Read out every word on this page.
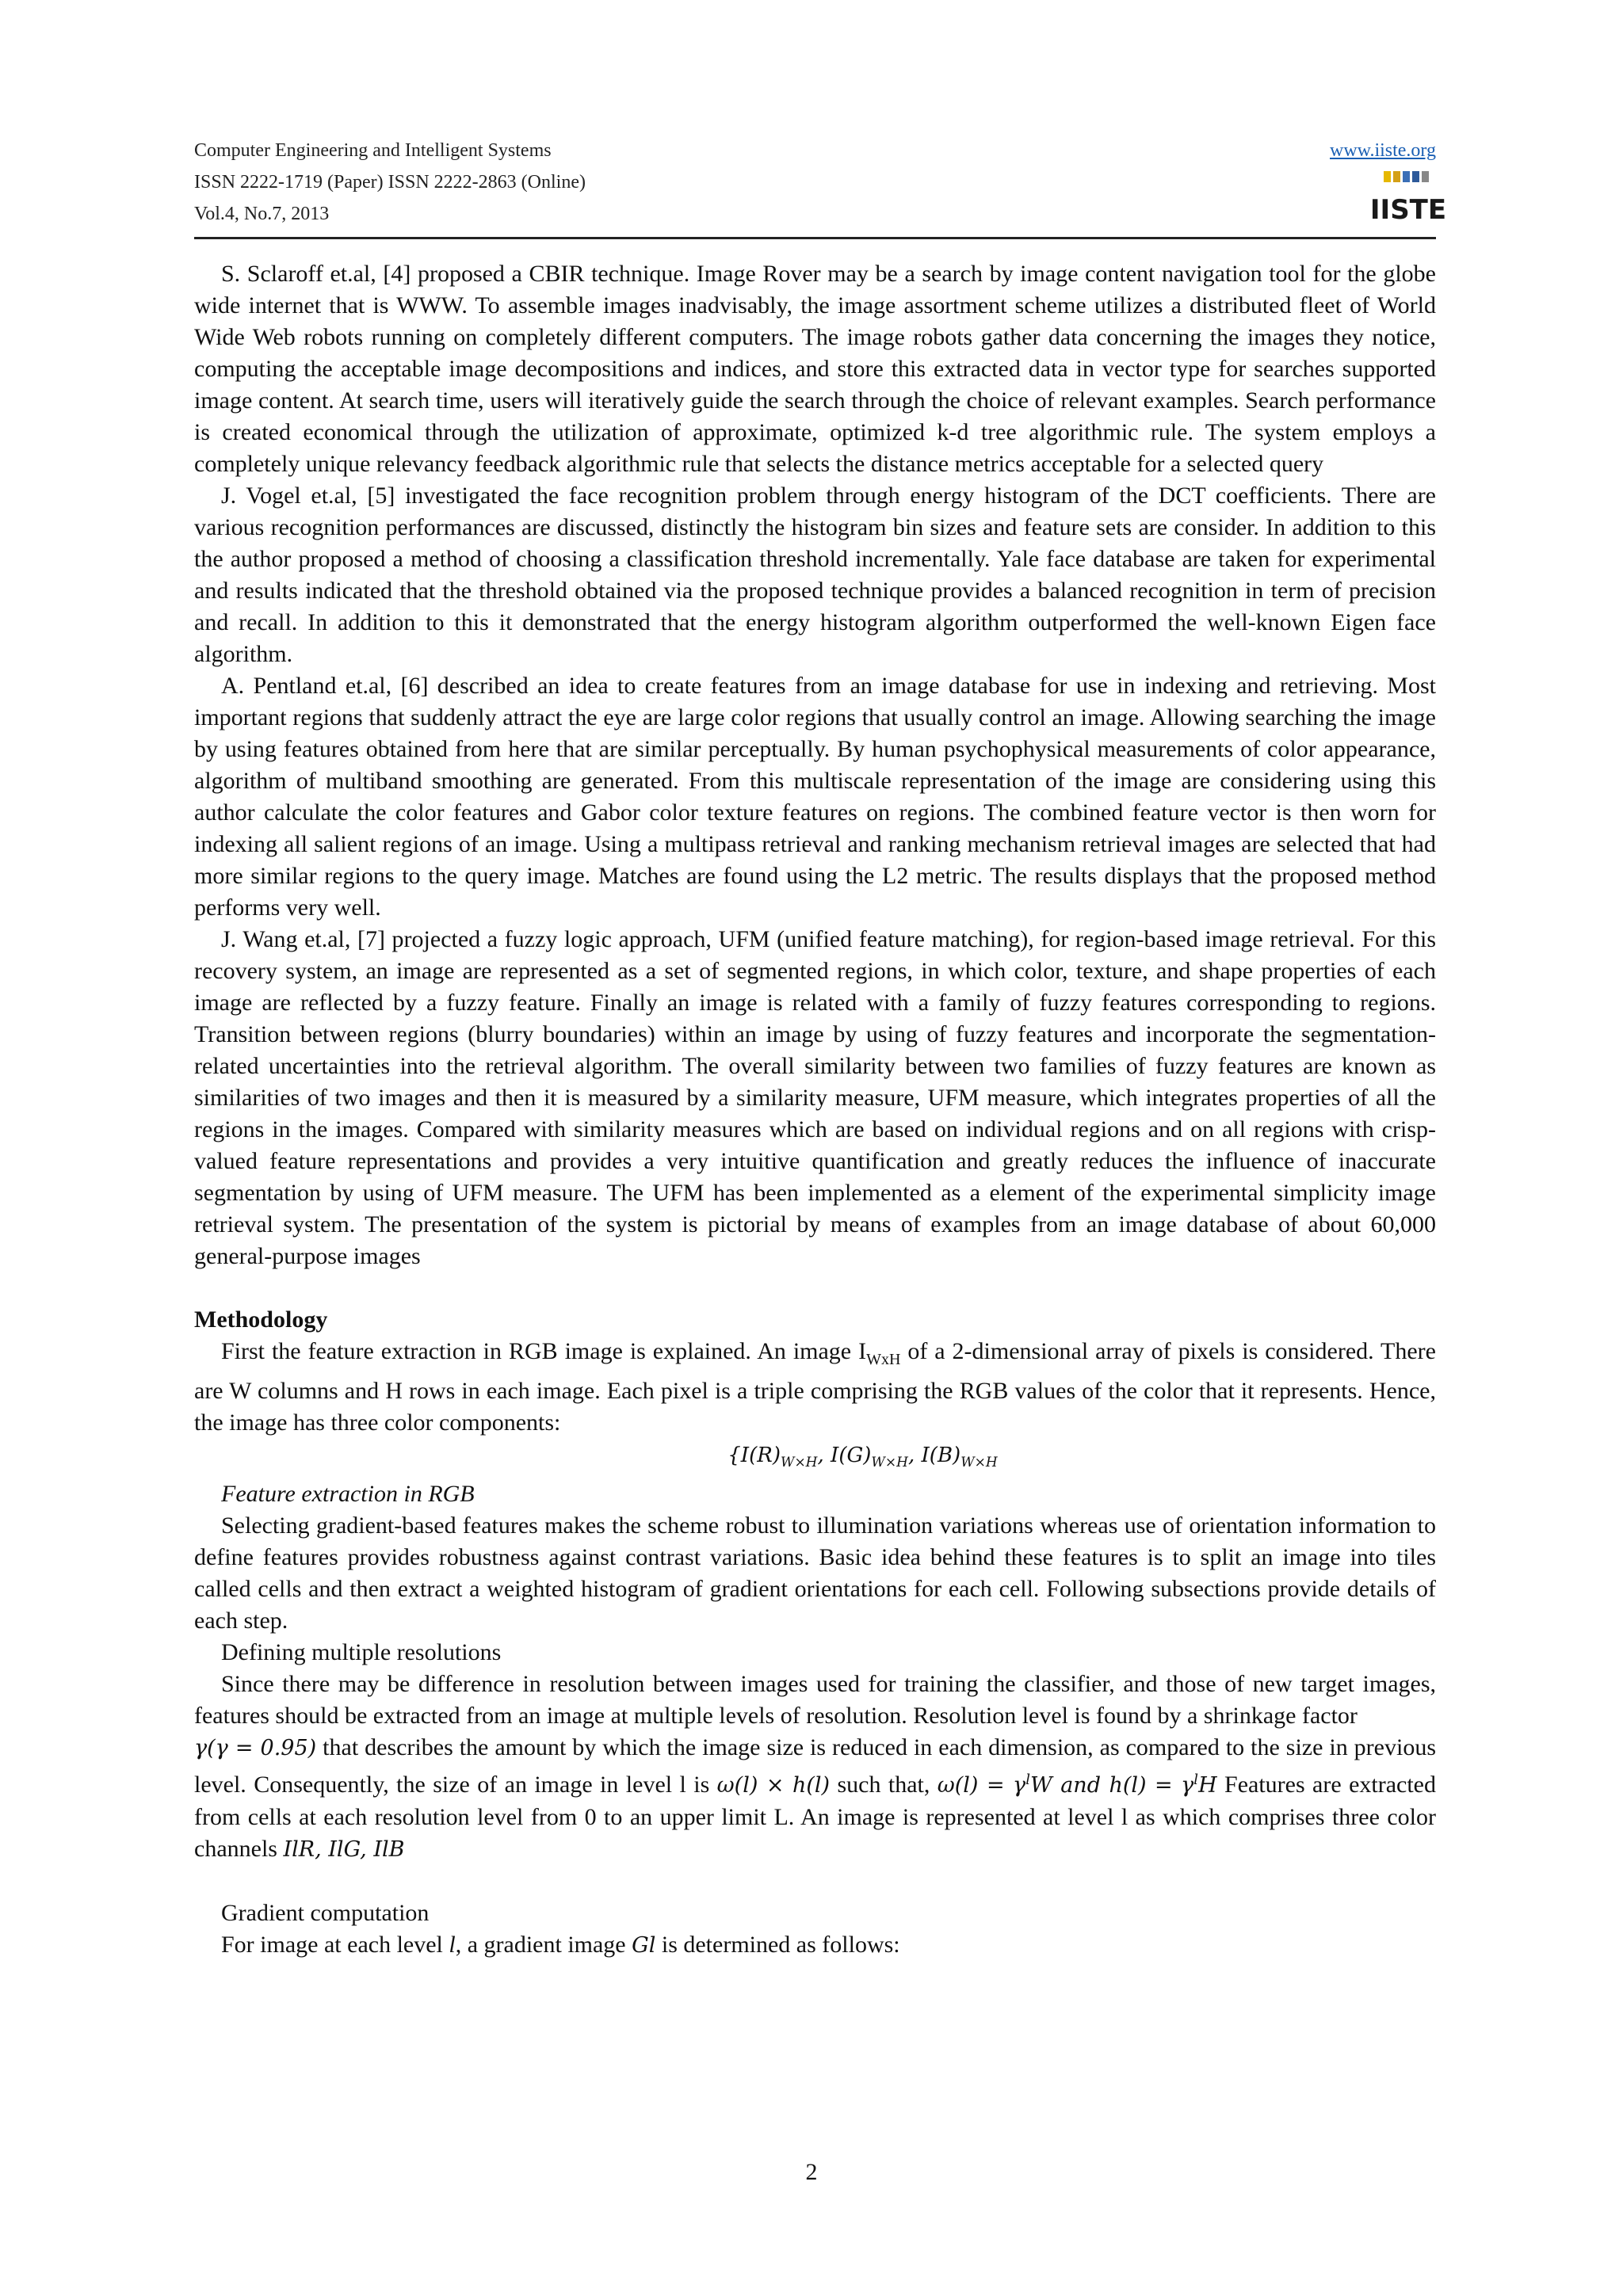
Computer Engineering and Intelligent Systems
ISSN 2222-1719 (Paper) ISSN 2222-2863 (Online)
Vol.4, No.7, 2013
www.iiste.org
IISTE

S. Sclaroff et.al, [4] proposed a CBIR technique. Image Rover may be a search by image content navigation tool for the globe wide internet that is WWW. To assemble images inadvisably, the image assortment scheme utilizes a distributed fleet of World Wide Web robots running on completely different computers. The image robots gather data concerning the images they notice, computing the acceptable image decompositions and indices, and store this extracted data in vector type for searches supported image content. At search time, users will iteratively guide the search through the choice of relevant examples. Search performance is created economical through the utilization of approximate, optimized k-d tree algorithmic rule. The system employs a completely unique relevancy feedback algorithmic rule that selects the distance metrics acceptable for a selected query

J. Vogel et.al, [5] investigated the face recognition problem through energy histogram of the DCT coefficients. There are various recognition performances are discussed, distinctly the histogram bin sizes and feature sets are consider. In addition to this the author proposed a method of choosing a classification threshold incrementally. Yale face database are taken for experimental and results indicated that the threshold obtained via the proposed technique provides a balanced recognition in term of precision and recall. In addition to this it demonstrated that the energy histogram algorithm outperformed the well-known Eigen face algorithm.

A. Pentland et.al, [6] described an idea to create features from an image database for use in indexing and retrieving. Most important regions that suddenly attract the eye are large color regions that usually control an image. Allowing searching the image by using features obtained from here that are similar perceptually. By human psychophysical measurements of color appearance, algorithm of multiband smoothing are generated. From this multiscale representation of the image are considering using this author calculate the color features and Gabor color texture features on regions. The combined feature vector is then worn for indexing all salient regions of an image. Using a multipass retrieval and ranking mechanism retrieval images are selected that had more similar regions to the query image. Matches are found using the L2 metric. The results displays that the proposed method performs very well.

J. Wang et.al, [7] projected a fuzzy logic approach, UFM (unified feature matching), for region-based image retrieval. For this recovery system, an image are represented as a set of segmented regions, in which color, texture, and shape properties of each image are reflected by a fuzzy feature. Finally an image is related with a family of fuzzy features corresponding to regions. Transition between regions (blurry boundaries) within an image by using of fuzzy features and incorporate the segmentation-related uncertainties into the retrieval algorithm. The overall similarity between two families of fuzzy features are known as similarities of two images and then it is measured by a similarity measure, UFM measure, which integrates properties of all the regions in the images. Compared with similarity measures which are based on individual regions and on all regions with crisp-valued feature representations and provides a very intuitive quantification and greatly reduces the influence of inaccurate segmentation by using of UFM measure. The UFM has been implemented as a element of the experimental simplicity image retrieval system. The presentation of the system is pictorial by means of examples from an image database of about 60,000 general-purpose images

Methodology

First the feature extraction in RGB image is explained. An image $I_{WxH}$ of a 2-dimensional array of pixels is considered. There are W columns and H rows in each image. Each pixel is a triple comprising the RGB values of the color that it represents. Hence, the image has three color components:

{$I(R)_{W\times H}$, $I(G)_{W\times H}$, $I(B)_{W\times H}$
Feature extraction in RGB

Selecting gradient-based features makes the scheme robust to illumination variations whereas use of orientation information to define features provides robustness against contrast variations. Basic idea behind these features is to split an image into tiles called cells and then extract a weighted histogram of gradient orientations for each cell. Following subsections provide details of each step.

Defining multiple resolutions

Since there may be difference in resolution between images used for training the classifier, and those of new target images, features should be extracted from an image at multiple levels of resolution. Resolution level is found by a shrinkage factor

γ(γ = 0.95) that describes the amount by which the image size is reduced in each dimension, as compared to the size in previous level. Consequently, the size of an image in level l is ω(l) × h(l) such that, $\omega(l) = \gamma^lW$ and $h(l) = \gamma^lH$ Features are extracted from cells at each resolution level from 0 to an upper limit L. An image is represented at level l as which comprises three color channels IlR, IlG, IlB

Gradient computation
For image at each level l, a gradient image Gl is determined as follows:
2
